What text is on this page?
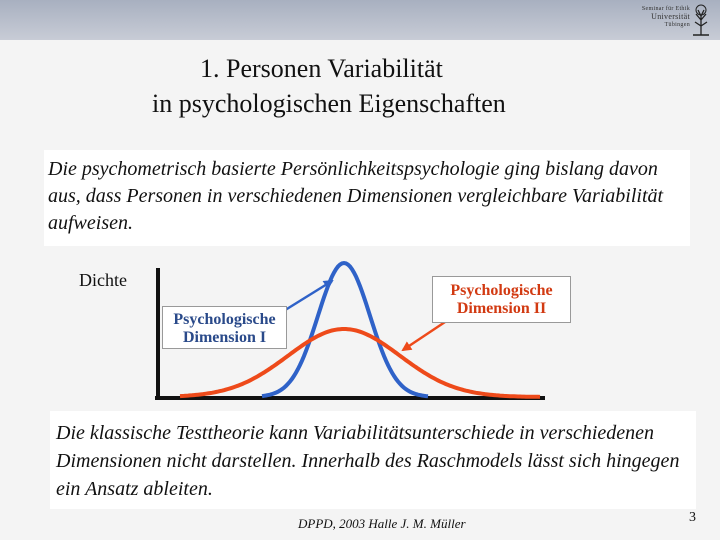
Seminar für Ethik
Universität
Tübingen
1. Personen Variabilität
in psychologischen Eigenschaften
Die psychometrisch basierte Persönlichkeitspsychologie ging bislang davon aus, dass Personen in verschiedenen Dimensionen vergleichbare Variabilität aufweisen.
Dichte
Psychologische
Dimension I
Psychologische
Dimension II
Die klassische Testtheorie kann Variabilitätsunterschiede in verschiedenen Dimensionen nicht darstellen. Innerhalb des Raschmodels lässt sich hingegen ein Ansatz ableiten.
DPPD, 2003 Halle J. M. Müller	3
